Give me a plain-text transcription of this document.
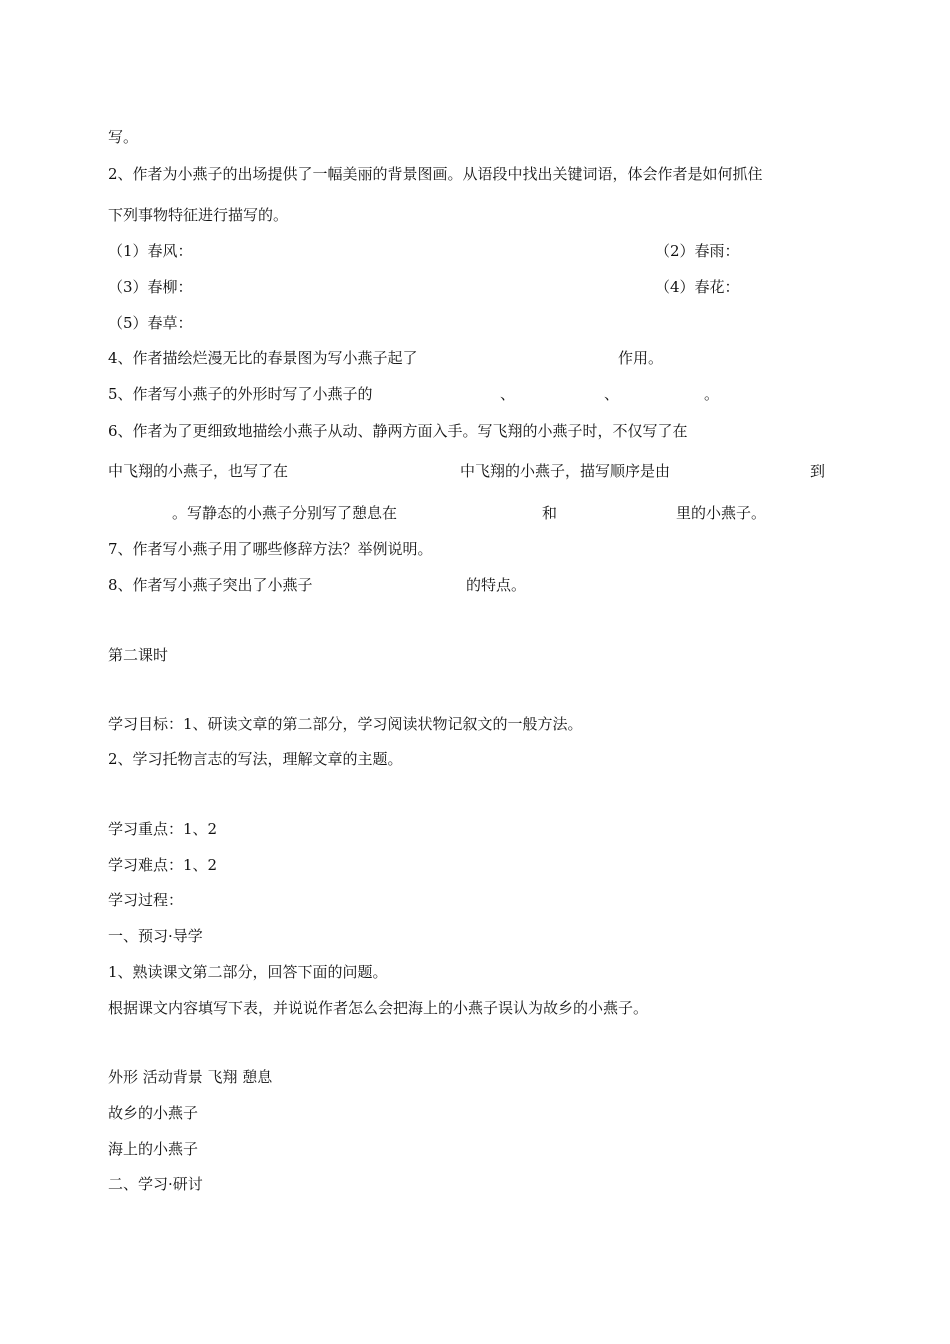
写。
2、作者为小燕子的出场提供了一幅美丽的背景图画。从语段中找出关键词语，体会作者是如何抓住
下列事物特征进行描写的。
（1）春风：	（2）春雨：
（3）春柳：	（4）春花：
（5）春草：
4、作者描绘烂漫无比的春景图为写小燕子起了	作用。
5、作者写小燕子的外形时写了小燕子的	、	、	。
6、作者为了更细致地描绘小燕子从动、静两方面入手。写飞翔的小燕子时，不仅写了在
中飞翔的小燕子，也写了在	中飞翔的小燕子，描写顺序是由	到
。写静态的小燕子分别写了憩息在	和	里的小燕子。
7、作者写小燕子用了哪些修辞方法？举例说明。
8、作者写小燕子突出了小燕子	的特点。
第二课时
学习目标：1、研读文章的第二部分，学习阅读状物记叙文的一般方法。
2、学习托物言志的写法，理解文章的主题。
学习重点：1、2
学习难点：1、2
学习过程：
一、预习·导学
1、熟读课文第二部分，回答下面的问题。
根据课文内容填写下表，并说说作者怎么会把海上的小燕子误认为故乡的小燕子。
外形 活动背景 飞翔 憩息
故乡的小燕子
海上的小燕子
二、学习·研讨
